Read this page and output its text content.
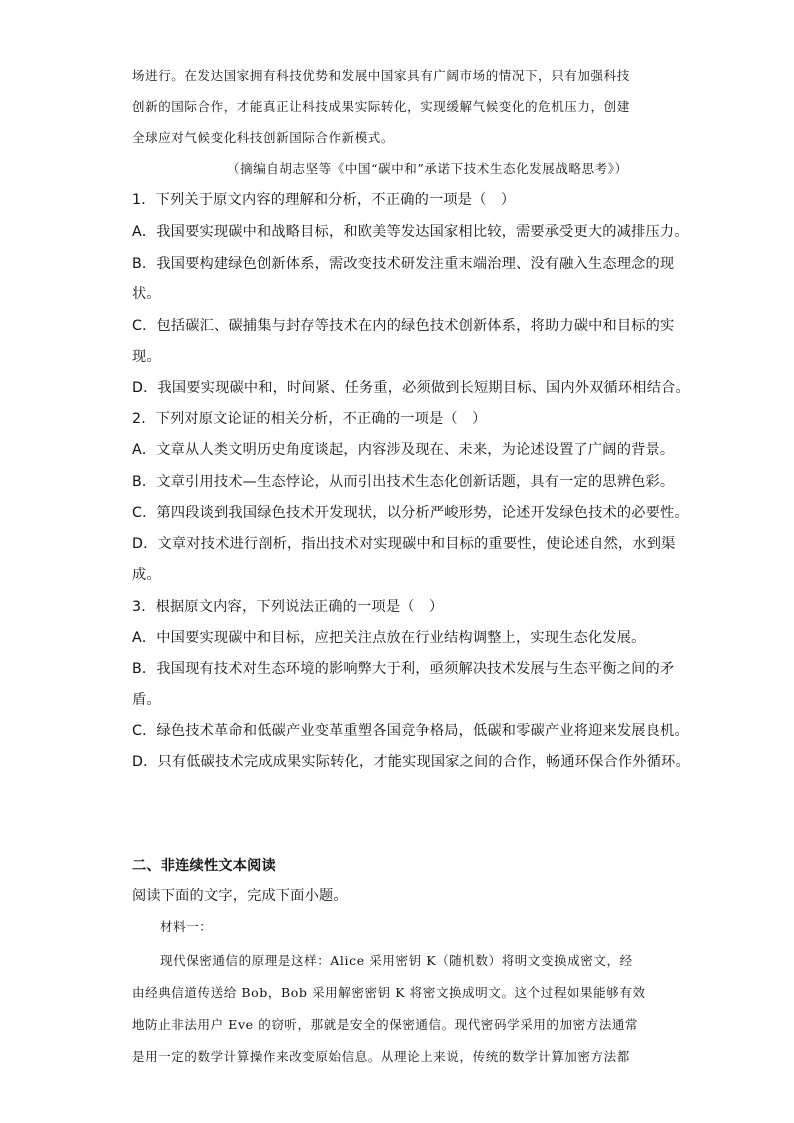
场进行。在发达国家拥有科技优势和发展中国家具有广阔市场的情况下，只有加强科技
创新的国际合作，才能真正让科技成果实际转化，实现缓解气候变化的危机压力，创建
全球应对气候变化科技创新国际合作新模式。
（摘编自胡志坚等《中国“碳中和”承诺下技术生态化发展战略思考》）
1．下列关于原文内容的理解和分析，不正确的一项是（　）
A．我国要实现碳中和战略目标，和欧美等发达国家相比较，需要承受更大的减排压力。
B．我国要构建绿色创新体系，需改变技术研发注重末端治理、没有融入生态理念的现
状。
C．包括碳汇、碳捕集与封存等技术在内的绿色技术创新体系，将助力碳中和目标的实
现。
D．我国要实现碳中和，时间紧、任务重，必须做到长短期目标、国内外双循环相结合。
2．下列对原文论证的相关分析，不正确的一项是（　）
A．文章从人类文明历史角度谈起，内容涉及现在、未来，为论述设置了广阔的背景。
B．文章引用技术—生态悖论，从而引出技术生态化创新话题，具有一定的思辨色彩。
C．第四段谈到我国绿色技术开发现状，以分析严峻形势，论述开发绿色技术的必要性。
D．文章对技术进行剖析，指出技术对实现碳中和目标的重要性，使论述自然，水到渠
成。
3．根据原文内容，下列说法正确的一项是（　）
A．中国要实现碳中和目标，应把关注点放在行业结构调整上，实现生态化发展。
B．我国现有技术对生态环境的影响弊大于利，亟须解决技术发展与生态平衡之间的矛
盾。
C．绿色技术革命和低碳产业变革重塑各国竞争格局，低碳和零碳产业将迎来发展良机。
D．只有低碳技术完成成果实际转化，才能实现国家之间的合作，畅通环保合作外循环。
二、非连续性文本阅读
阅读下面的文字，完成下面小题。
材料一：
现代保密通信的原理是这样：Alice 采用密钥 K（随机数）将明文变换成密文，经
由经典信道传送给 Bob，Bob 采用解密密钥 K 将密文换成明文。这个过程如果能够有效
地防止非法用户 Eve 的窃听，那就是安全的保密通信。现代密码学采用的加密方法通常
是用一定的数学计算操作来改变原始信息。从理论上来说，传统的数学计算加密方法都
